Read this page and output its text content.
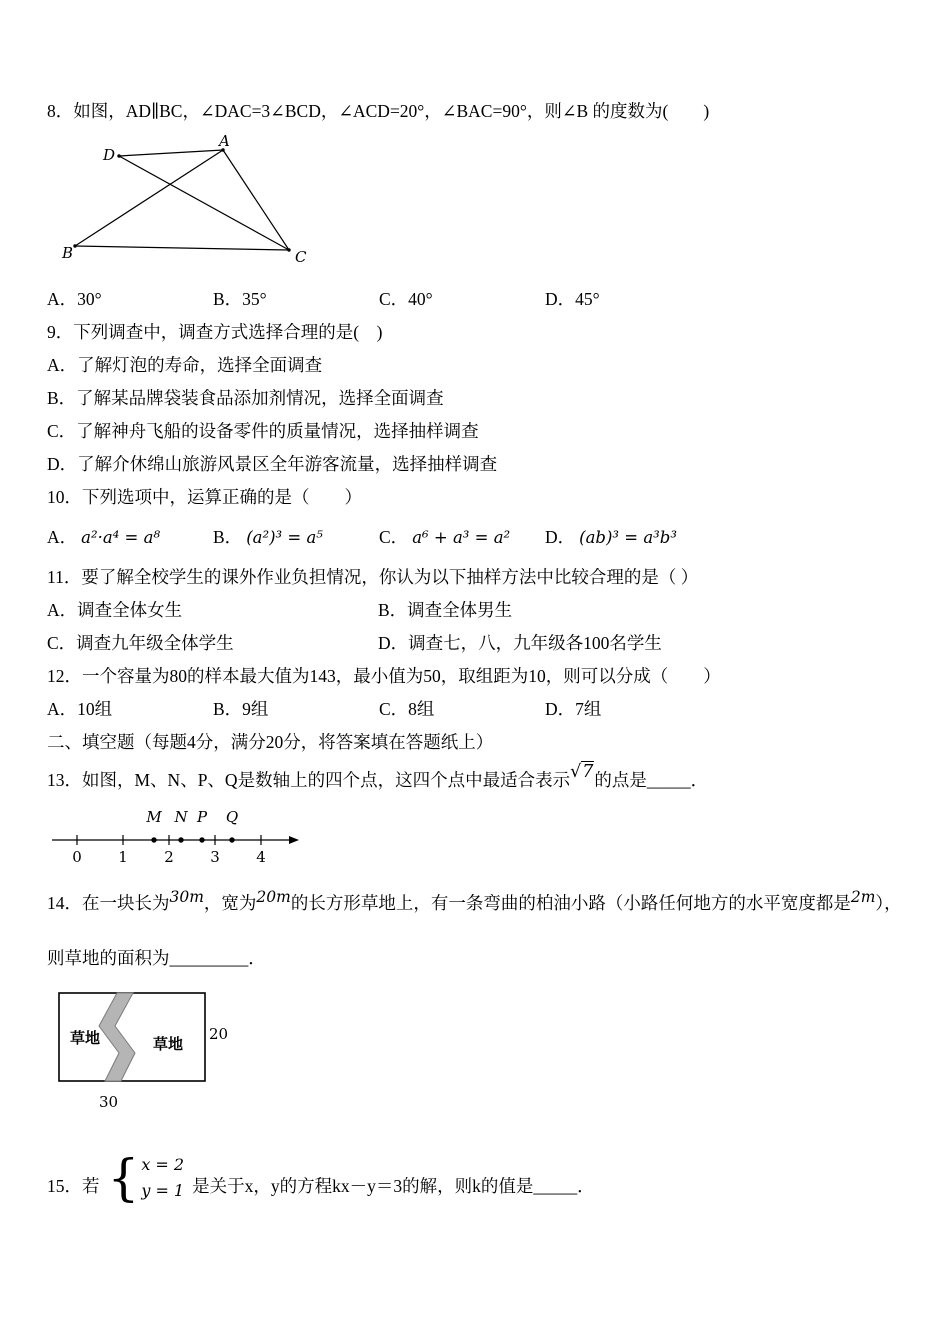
8．如图，AD∥BC，∠DAC=3∠BCD，∠ACD=20°，∠BAC=90°，则∠B 的度数为(　　)
D
A
B	C
A．30°	B．35°	C．40°	D．45°
9．下列调查中，调查方式选择合理的是(　)
A．了解灯泡的寿命，选择全面调查
B．了解某品牌袋装食品添加剂情况，选择全面调查
C．了解神舟飞船的设备零件的质量情况，选择抽样调查
D．了解介休绵山旅游风景区全年游客流量，选择抽样调查
10．下列选项中，运算正确的是（　　）
A． a²·a⁴ = a⁸	B． (a²)³ = a⁵	C． a⁶ + a³ = a²	D． (ab)³ = a³b³
11．要了解全校学生的课外作业负担情况，你认为以下抽样方法中比较合理的是（ ）
A．调查全体女生	B．调查全体男生
C．调查九年级全体学生	D．调查七，八，九年级各100名学生
12．一个容量为80的样本最大值为143，最小值为50，取组距为10，则可以分成（　　）
A．10组	B．9组	C．8组	D．7组
二、填空题（每题4分，满分20分，将答案填在答题纸上）
13．如图，M、N、P、Q是数轴上的四个点，这四个点中最适合表示√7的点是_____．
M N P Q
0 1 2 3 4
14．在一块长为30m，宽为20m的长方形草地上，有一条弯曲的柏油小路（小路任何地方的水平宽度都是2m），
则草地的面积为_________．
草地	草地
20
30
15．若 { x = 2
y = 1 是关于x，y的方程kx－y＝3的解，则k的值是_____．
